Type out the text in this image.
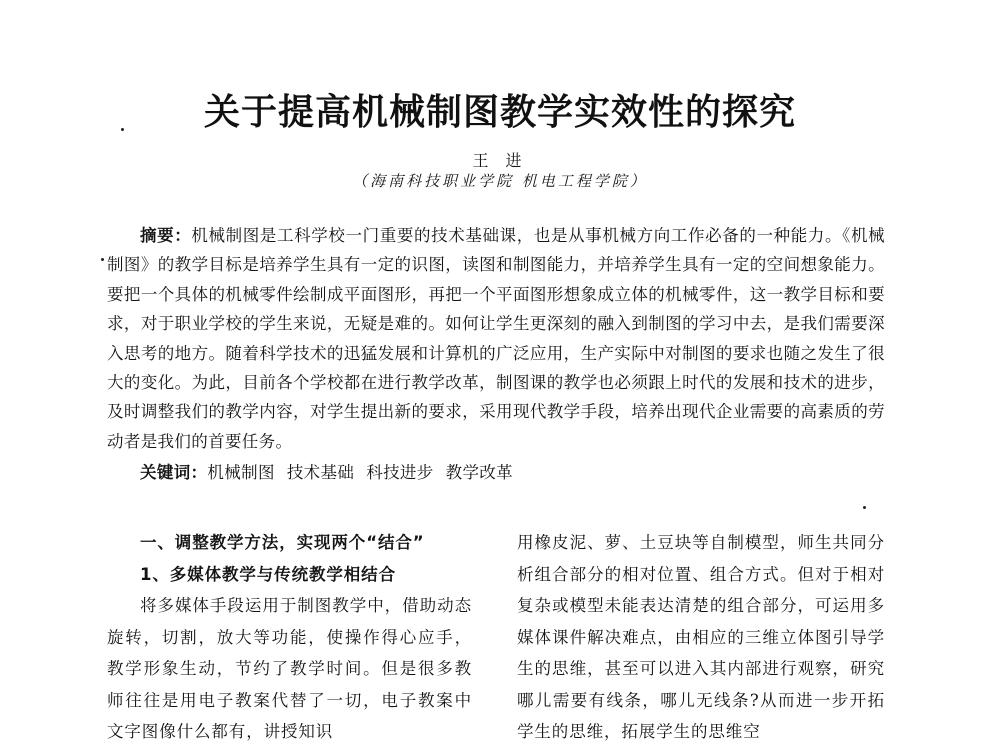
关于提高机械制图教学实效性的探究
王 进
（海南科技职业学院 机电工程学院）
摘要：机械制图是工科学校一门重要的技术基础课，也是从事机械方向工作必备的一种能力。《机械制图》的教学目标是培养学生具有一定的识图，读图和制图能力，并培养学生具有一定的空间想象能力。要把一个具体的机械零件绘制成平面图形，再把一个平面图形想象成立体的机械零件，这一教学目标和要求，对于职业学校的学生来说，无疑是难的。如何让学生更深刻的融入到制图的学习中去，是我们需要深入思考的地方。随着科学技术的迅猛发展和计算机的广泛应用，生产实际中对制图的要求也随之发生了很大的变化。为此，目前各个学校都在进行教学改革，制图课的教学也必须跟上时代的发展和技术的进步，及时调整我们的教学内容，对学生提出新的要求，采用现代教学手段，培养出现代企业需要的高素质的劳动者是我们的首要任务。
关键词：机械制图 技术基础 科技进步 教学改革

一、调整教学方法，实现两个“结合”

1、多媒体教学与传统教学相结合

将多媒体手段运用于制图教学中，借助动态旋转，切割，放大等功能，使操作得心应手，教学形象生动，节约了教学时间。但是很多教师往往是用电子教案代替了一切，电子教案中文字图像什么都有，讲授知识

用橡皮泥、萝、土豆块等自制模型，师生共同分析组合部分的相对位置、组合方式。但对于相对复杂或模型未能表达清楚的组合部分，可运用多媒体课件解决难点，由相应的三维立体图引导学生的思维，甚至可以进入其内部进行观察，研究哪儿需要有线条，哪儿无线条?从而进一步开拓学生的思维，拓展学生的思维空
